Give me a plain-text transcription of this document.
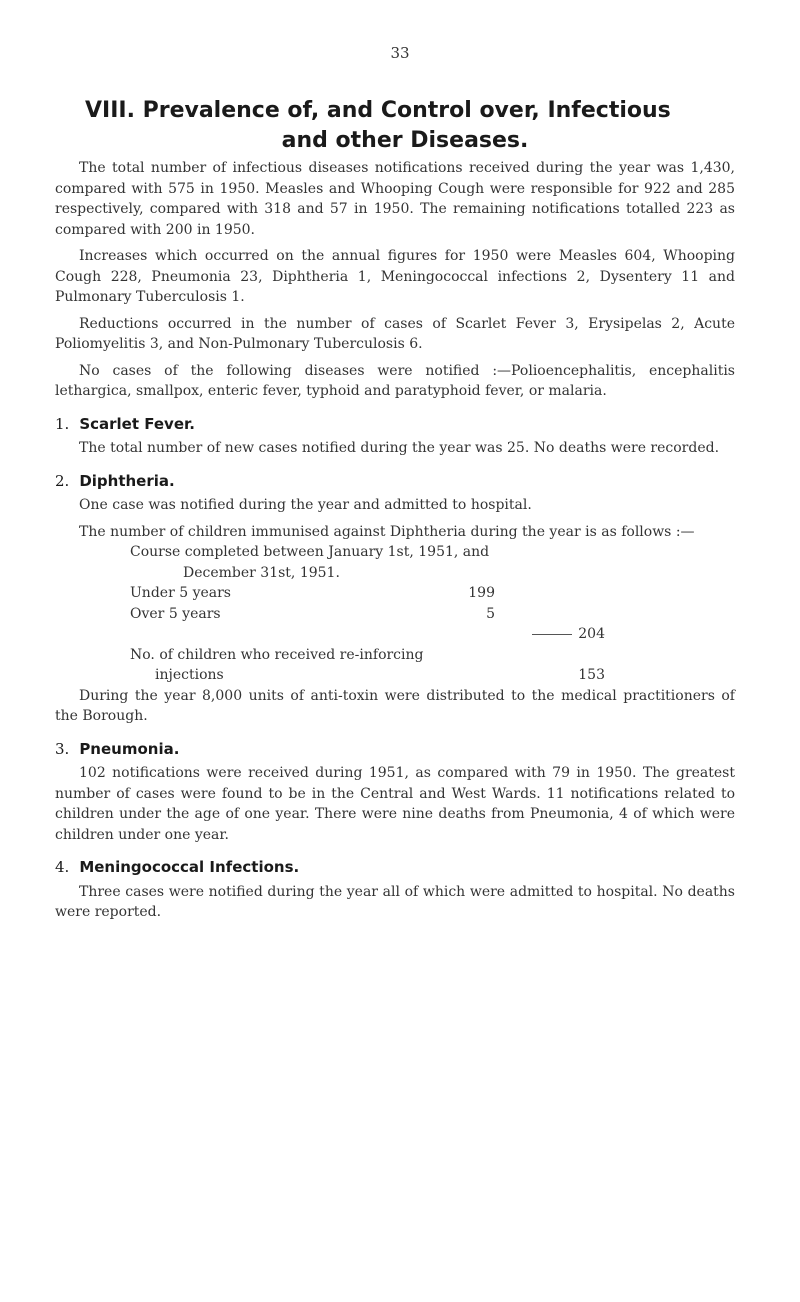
33
VIII. Prevalence of, and Control over, Infectious
and other Diseases.

The total number of infectious diseases notifications received during the year was 1,430, compared with 575 in 1950. Measles and Whooping Cough were responsible for 922 and 285 respectively, compared with 318 and 57 in 1950. The remaining notifications totalled 223 as compared with 200 in 1950.

Increases which occurred on the annual figures for 1950 were Measles 604, Whooping Cough 228, Pneumonia 23, Diphtheria 1, Meningococcal infections 2, Dysentery 11 and Pulmonary Tuberculosis 1.

Reductions occurred in the number of cases of Scarlet Fever 3, Erysipelas 2, Acute Poliomyelitis 3, and Non-Pulmonary Tuberculosis 6.

No cases of the following diseases were notified :—Polioencephalitis, encephalitis lethargica, smallpox, enteric fever, typhoid and paratyphoid fever, or malaria.

1. Scarlet Fever.

The total number of new cases notified during the year was 25. No deaths were recorded.

2. Diphtheria.

One case was notified during the year and admitted to hospital.

The number of children immunised against Diphtheria during the year is as follows :—

Course completed between January 1st, 1951, and
December 31st, 1951.
Under 5 years	199
Over 5 years	5
204
No. of children who received re-inforcing
injections	153

During the year 8,000 units of anti-toxin were distributed to the medical practitioners of the Borough.

3. Pneumonia.

102 notifications were received during 1951, as compared with 79 in 1950. The greatest number of cases were found to be in the Central and West Wards. 11 notifications related to children under the age of one year. There were nine deaths from Pneumonia, 4 of which were children under one year.

4. Meningococcal Infections.

Three cases were notified during the year all of which were admitted to hospital. No deaths were reported.
